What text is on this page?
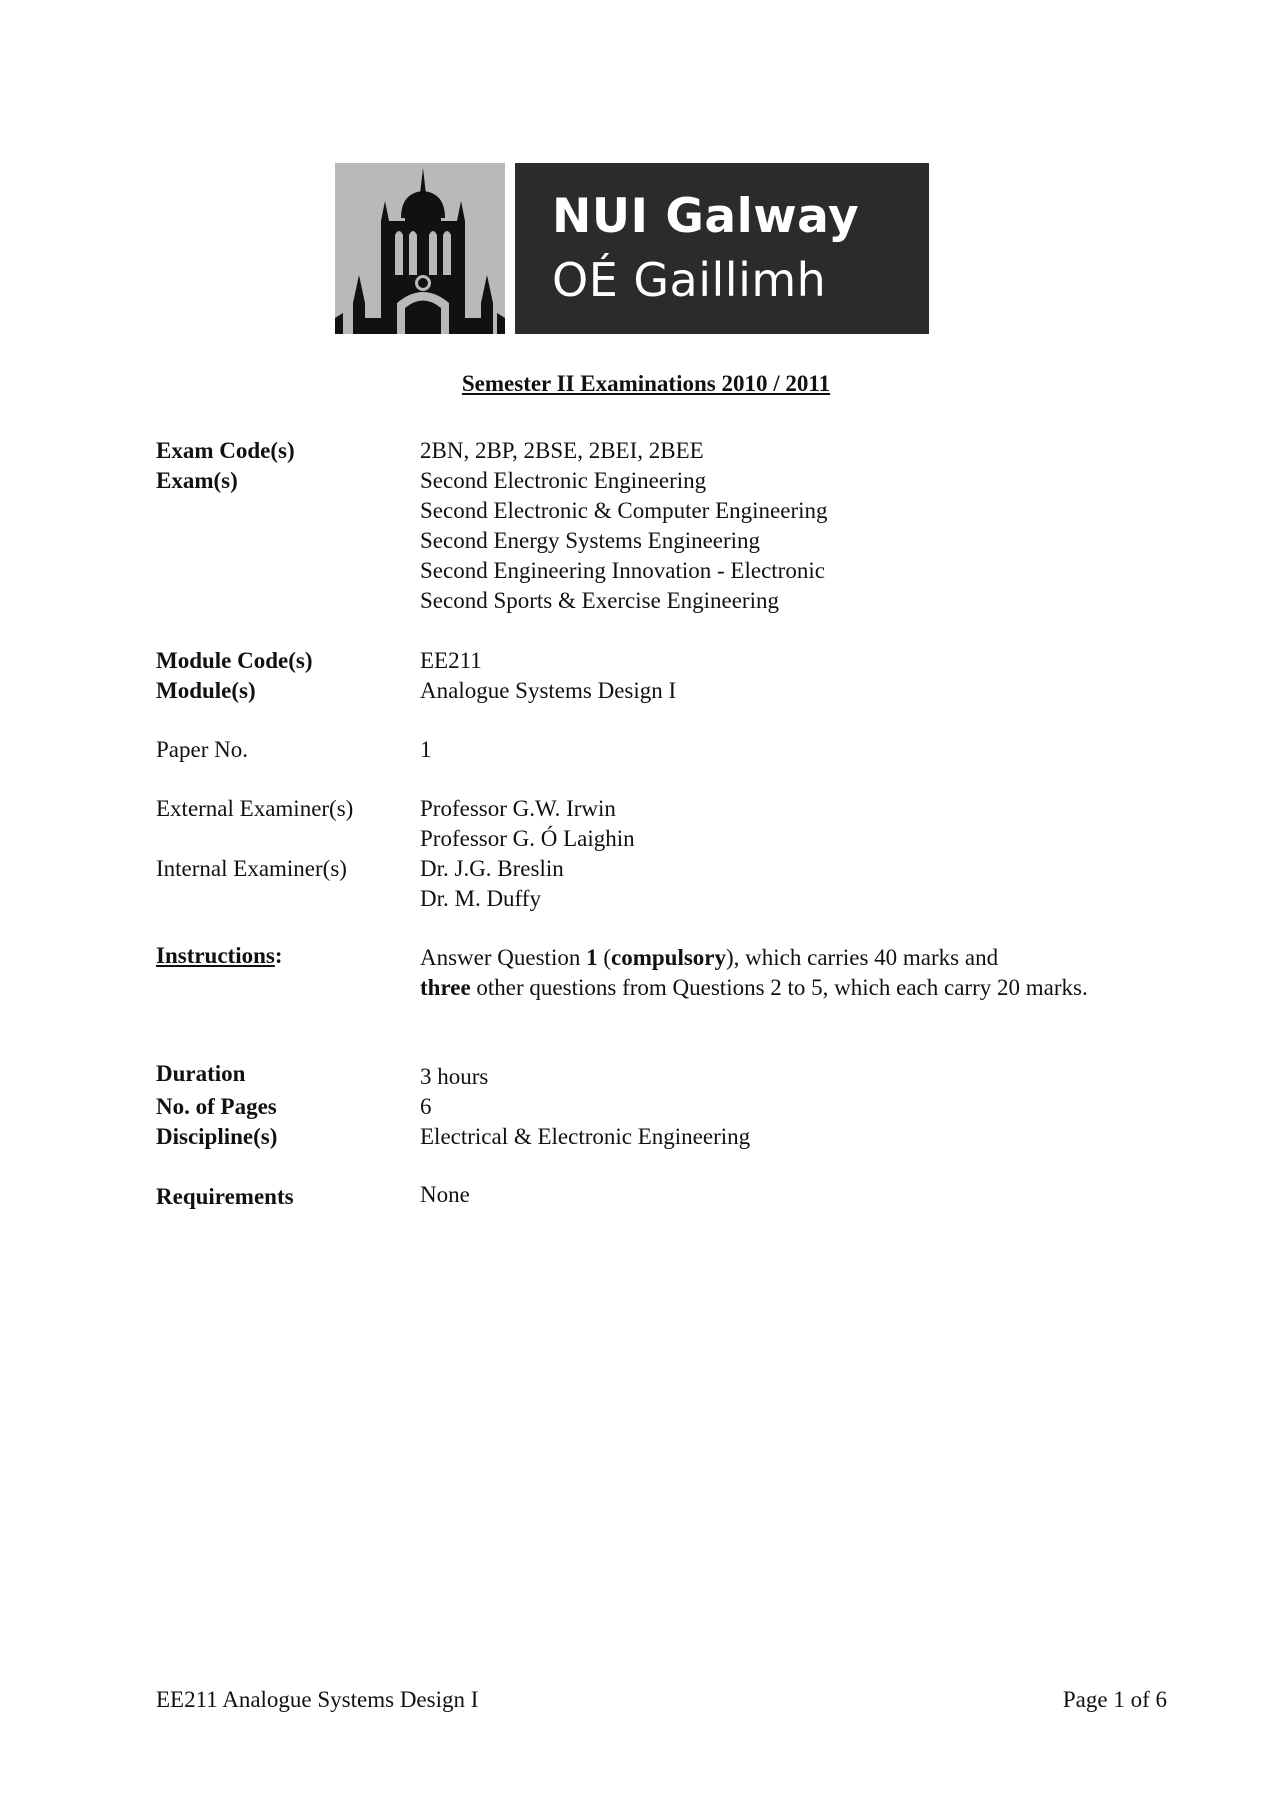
NUI Galway
OÉ Gaillimh
Semester II Examinations 2010 / 2011
Exam Code(s)	2BN, 2BP, 2BSE, 2BEI, 2BEE
Exam(s)	Second Electronic Engineering
Second Electronic & Computer Engineering
Second Energy Systems Engineering
Second Engineering Innovation - Electronic
Second Sports & Exercise Engineering
Module Code(s)	EE211
Module(s)	Analogue Systems Design I
Paper No.	1
External Examiner(s)	Professor G.W. Irwin
Professor G. Ó Laighin
Internal Examiner(s)	Dr. J.G. Breslin
Dr. M. Duffy
Instructions:	Answer Question 1 (compulsory), which carries 40 marks and
three other questions from Questions 2 to 5, which each carry 20 marks.
Duration	3 hours
No. of Pages	6
Discipline(s)	Electrical & Electronic Engineering
Requirements	None
EE211 Analogue Systems Design I	Page 1 of 6
